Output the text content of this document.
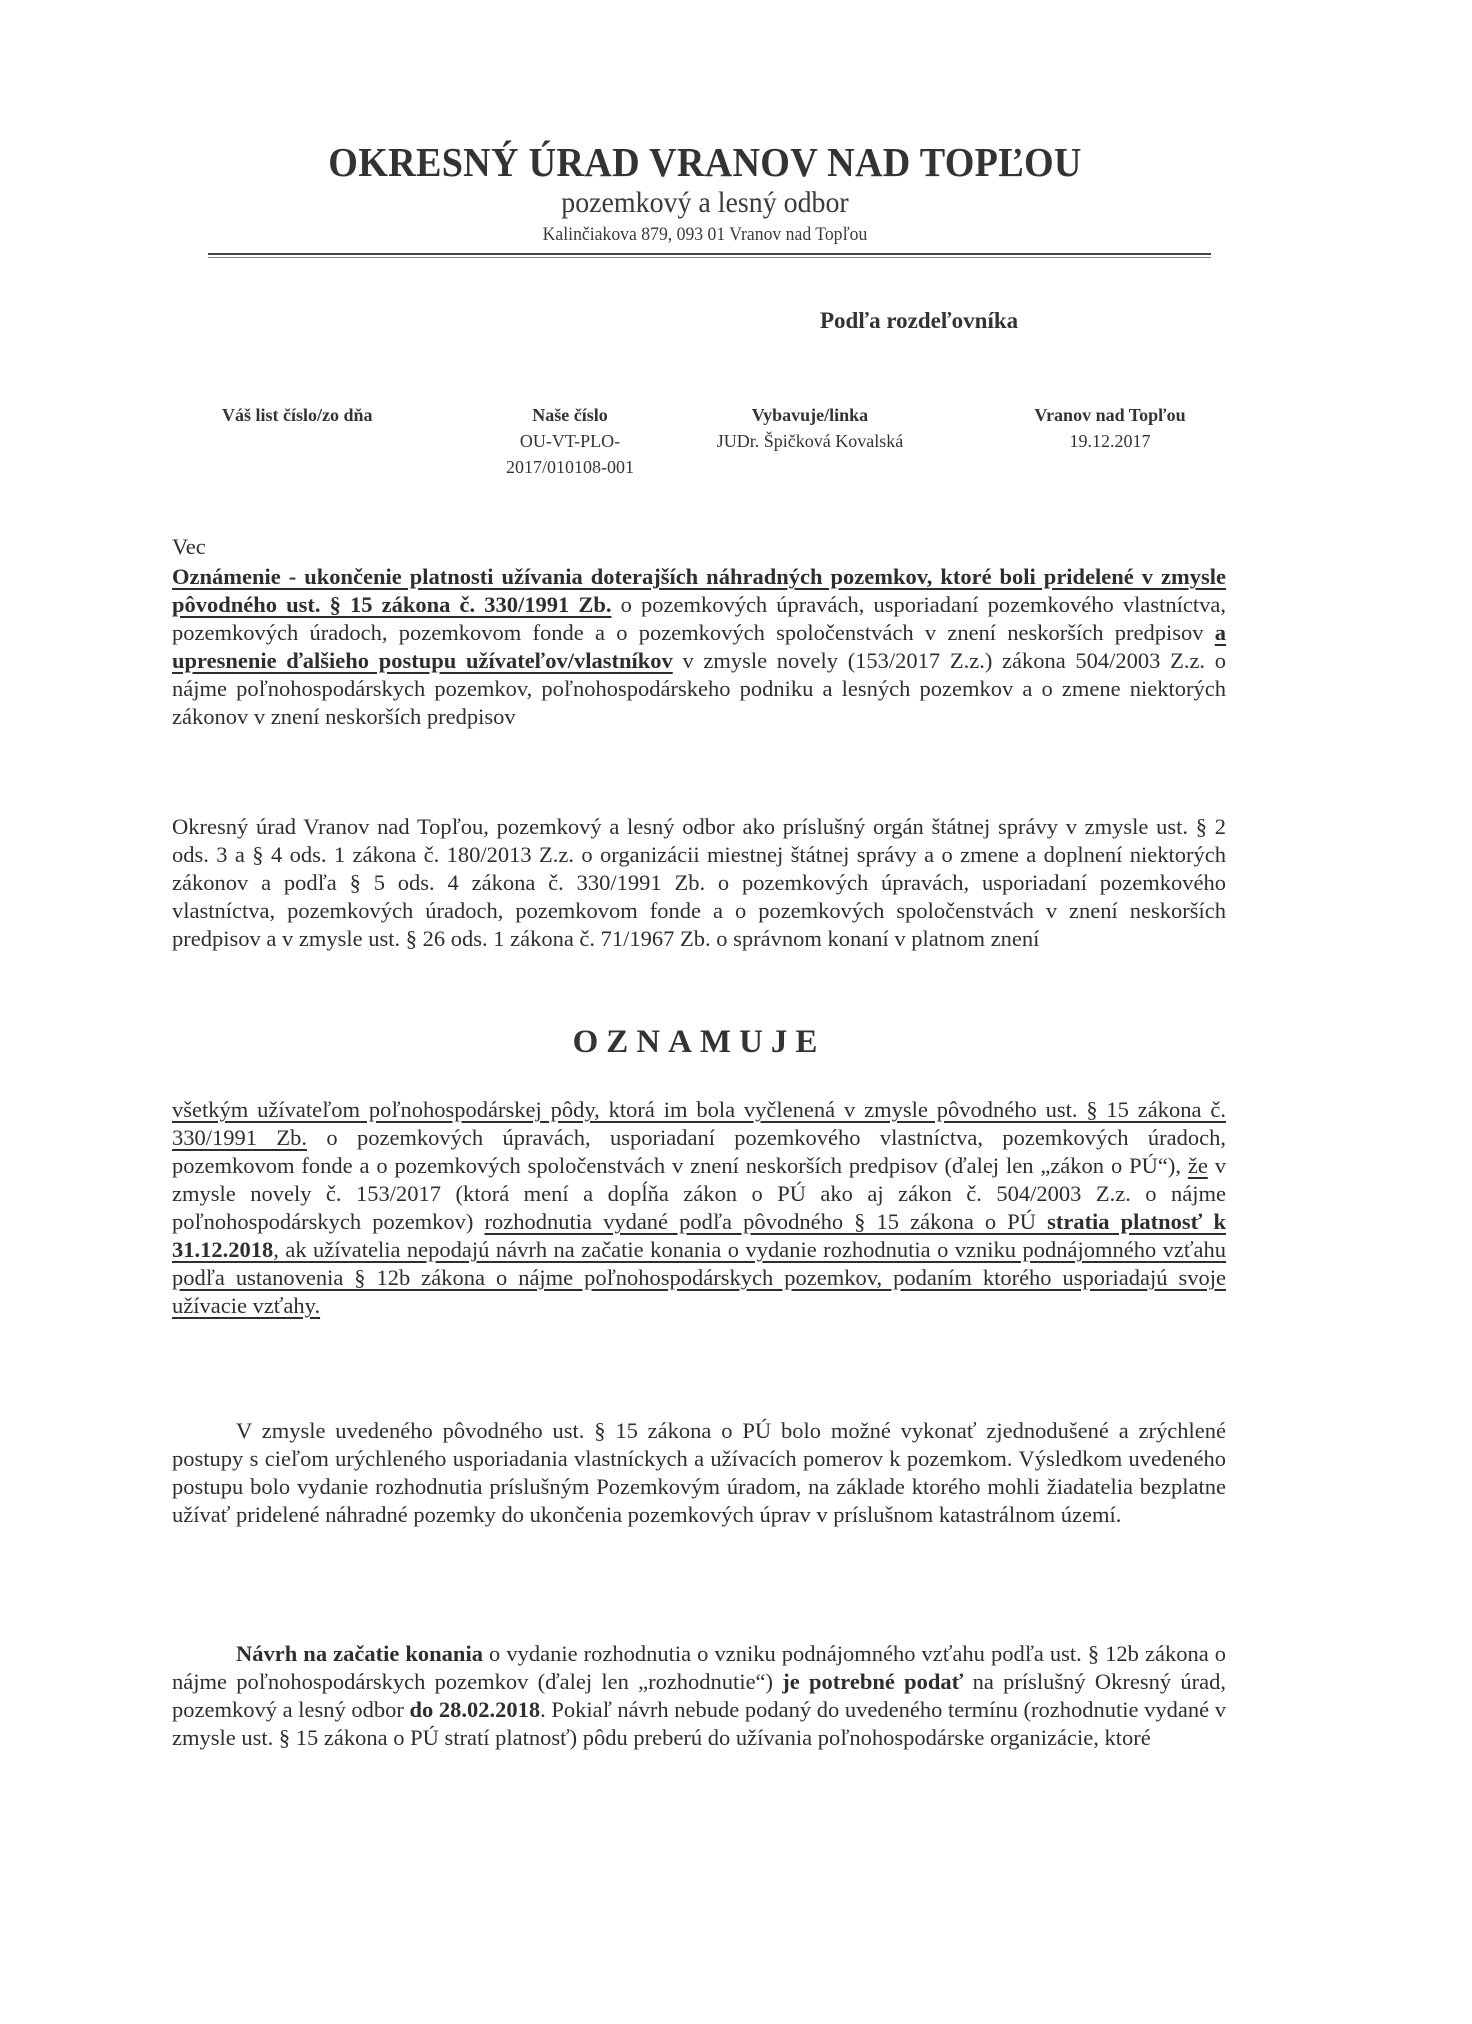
OKRESNÝ ÚRAD VRANOV NAD TOPĽOU
pozemkový a lesný odbor
Kalinčiakova 879, 093 01 Vranov nad Topľou
Podľa rozdeľovníka
Váš list číslo/zo dňa	Naše číslo
OU-VT-PLO-
2017/010108-001
Vybavuje/linka
JUDr. Špičková Kovalská
Vranov nad Topľou
19.12.2017
Vec
Oznámenie - ukončenie platnosti užívania doterajších náhradných pozemkov, ktoré boli pridelené v zmysle pôvodného ust. § 15 zákona č. 330/1991 Zb. o pozemkových úpravách, usporiadaní pozemkového vlastníctva, pozemkových úradoch, pozemkovom fonde a o pozemkových spoločenstvách v znení neskorších predpisov a upresnenie ďalšieho postupu užívateľov/vlastníkov v zmysle novely (153/2017 Z.z.) zákona 504/2003 Z.z. o nájme poľnohospodárskych pozemkov, poľnohospodárskeho podniku a lesných pozemkov a o zmene niektorých zákonov v znení neskorších predpisov
Okresný úrad Vranov nad Topľou, pozemkový a lesný odbor ako príslušný orgán štátnej správy v zmysle ust. § 2 ods. 3 a § 4 ods. 1 zákona č. 180/2013 Z.z. o organizácii miestnej štátnej správy a o zmene a doplnení niektorých zákonov a podľa § 5 ods. 4 zákona č. 330/1991 Zb. o pozemkových úpravách, usporiadaní pozemkového vlastníctva, pozemkových úradoch, pozemkovom fonde a o pozemkových spoločenstvách v znení neskorších predpisov a v zmysle ust. § 26 ods. 1 zákona č. 71/1967 Zb. o správnom konaní v platnom znení
OZNAMUJE
všetkým užívateľom poľnohospodárskej pôdy, ktorá im bola vyčlenená v zmysle pôvodného ust. § 15 zákona č. 330/1991 Zb. o pozemkových úpravách, usporiadaní pozemkového vlastníctva, pozemkových úradoch, pozemkovom fonde a o pozemkových spoločenstvách v znení neskorších predpisov (ďalej len „zákon o PÚ“), že v zmysle novely č. 153/2017 (ktorá mení a dopĺňa zákon o PÚ ako aj zákon č. 504/2003 Z.z. o nájme poľnohospodárskych pozemkov) rozhodnutia vydané podľa pôvodného § 15 zákona o PÚ stratia platnosť k 31.12.2018, ak užívatelia nepodajú návrh na začatie konania o vydanie rozhodnutia o vzniku podnájomného vzťahu podľa ustanovenia § 12b zákona o nájme poľnohospodárskych pozemkov, podaním ktorého usporiadajú svoje užívacie vzťahy.
V zmysle uvedeného pôvodného ust. § 15 zákona o PÚ bolo možné vykonať zjednodušené a zrýchlené postupy s cieľom urýchleného usporiadania vlastníckych a užívacích pomerov k pozemkom. Výsledkom uvedeného postupu bolo vydanie rozhodnutia príslušným Pozemkovým úradom, na základe ktorého mohli žiadatelia bezplatne užívať pridelené náhradné pozemky do ukončenia pozemkových úprav v príslušnom katastrálnom území.
Návrh na začatie konania o vydanie rozhodnutia o vzniku podnájomného vzťahu podľa ust. § 12b zákona o nájme poľnohospodárskych pozemkov (ďalej len „rozhodnutie“) je potrebné podať na príslušný Okresný úrad, pozemkový a lesný odbor do 28.02.2018. Pokiaľ návrh nebude podaný do uvedeného termínu (rozhodnutie vydané v zmysle ust. § 15 zákona o PÚ stratí platnosť) pôdu preberú do užívania poľnohospodárske organizácie, ktoré
